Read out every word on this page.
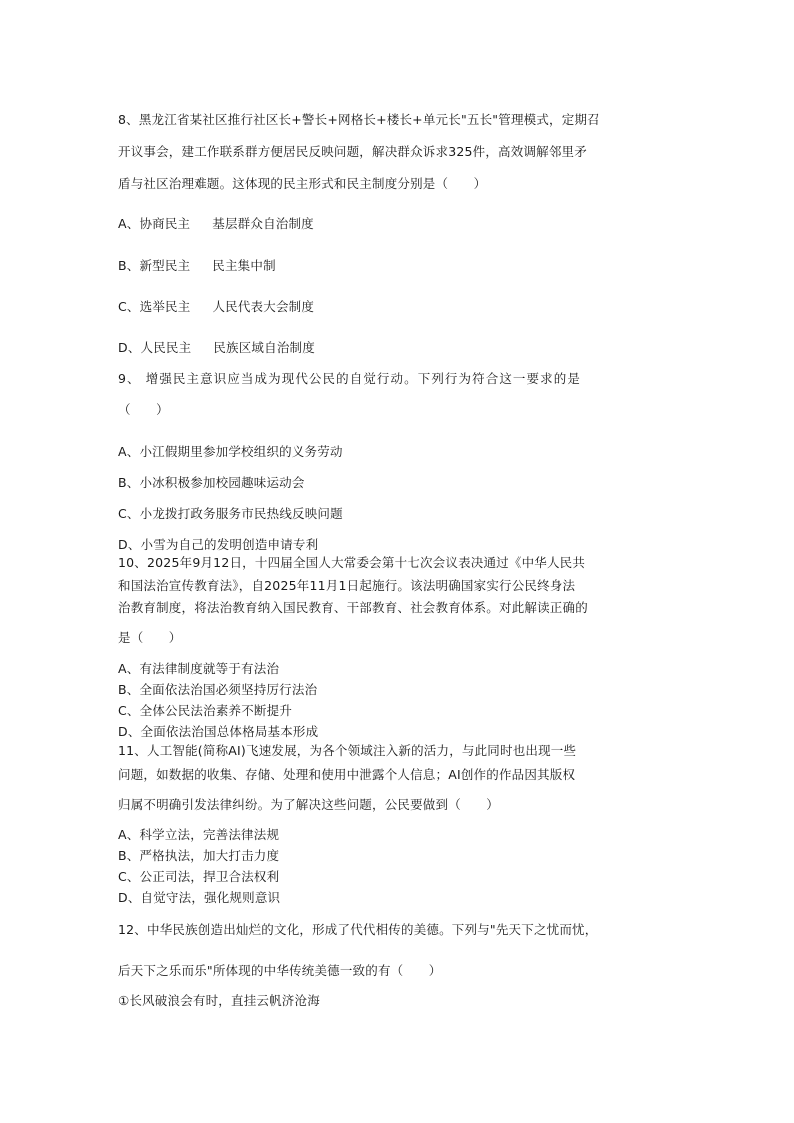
8、黑龙江省某社区推行社区长+警长+网格长+楼长+单元长"五长"管理模式，定期召
开议事会，建工作联系群方便居民反映问题，解决群众诉求325件，高效调解邻里矛
盾与社区治理难题。这体现的民主形式和民主制度分别是（　　）
A、协商民主 基层群众自治制度
B、新型民主 民主集中制
C、选举民主 人民代表大会制度
D、人民民主 民族区域自治制度
9、 增强民主意识应当成为现代公民的自觉行动。下列行为符合这一要求的是
（　　）
A、小江假期里参加学校组织的义务劳动
B、小冰积极参加校园趣味运动会
C、小龙拨打政务服务市民热线反映问题
D、小雪为自己的发明创造申请专利
10、2025年9月12日，十四届全国人大常委会第十七次会议表决通过《中华人民共
和国法治宣传教育法》，自2025年11月1日起施行。该法明确国家实行公民终身法
治教育制度，将法治教育纳入国民教育、干部教育、社会教育体系。对此解读正确的
是（　　）
A、有法律制度就等于有法治
B、全面依法治国必须坚持厉行法治
C、全体公民法治素养不断提升
D、全面依法治国总体格局基本形成
11、人工智能(简称AI)飞速发展，为各个领域注入新的活力，与此同时也出现一些
问题，如数据的收集、存储、处理和使用中泄露个人信息；AI创作的作品因其版权
归属不明确引发法律纠纷。为了解决这些问题，公民要做到（　　）
A、科学立法，完善法律法规
B、严格执法，加大打击力度
C、公正司法，捍卫合法权利
D、自觉守法，强化规则意识
12、中华民族创造出灿烂的文化，形成了代代相传的美德。下列与"先天下之忧而忧，
后天下之乐而乐"所体现的中华传统美德一致的有（　　）
①长风破浪会有时，直挂云帆济沧海
